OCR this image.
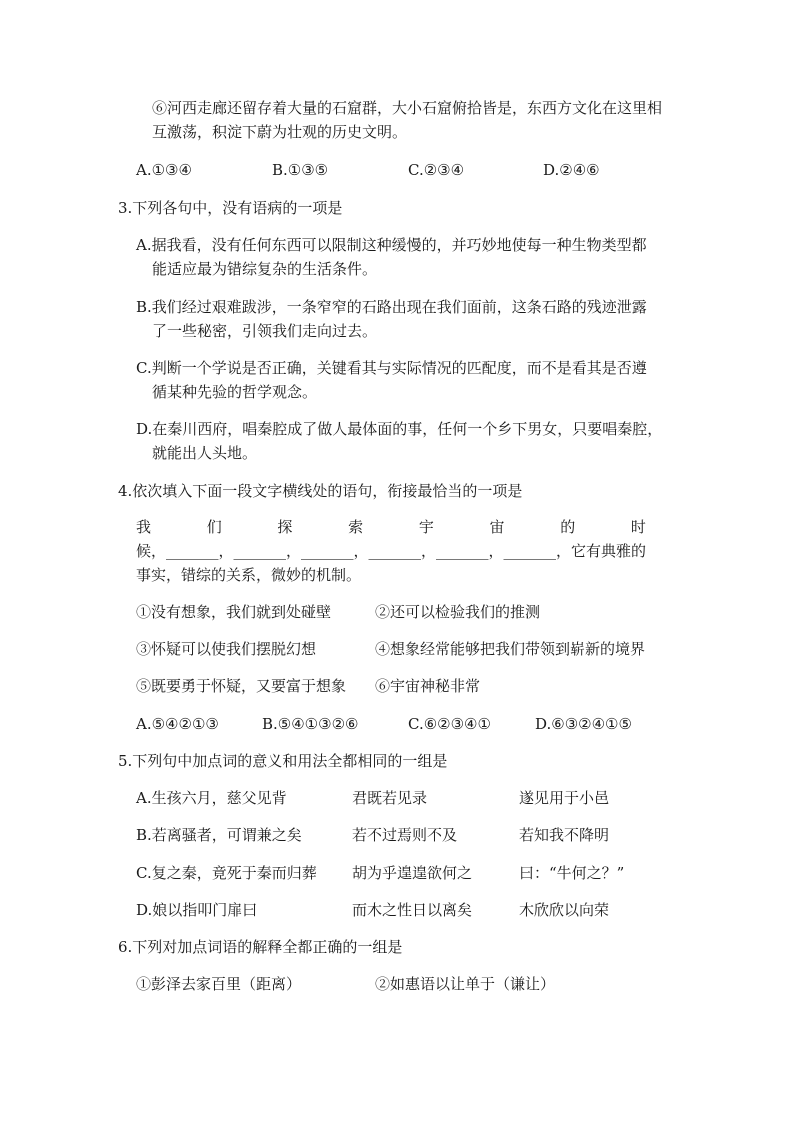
⑥河西走廊还留存着大量的石窟群，大小石窟俯拾皆是，东西方文化在这里相
互激荡，积淀下蔚为壮观的历史文明。
A.①③④	B.①③⑤	C.②③④	D.②④⑥
3.下列各句中，没有语病的一项是
A.据我看，没有任何东西可以限制这种缓慢的，并巧妙地使每一种生物类型都
能适应最为错综复杂的生活条件。
B.我们经过艰难跋涉，一条窄窄的石路出现在我们面前，这条石路的残迹泄露
了一些秘密，引领我们走向过去。
C.判断一个学说是否正确，关键看其与实际情况的匹配度，而不是看其是否遵
循某种先验的哲学观念。
D.在秦川西府，唱秦腔成了做人最体面的事，任何一个乡下男女，只要唱秦腔，
就能出人头地。
4.依次填入下面一段文字横线处的语句，衔接最恰当的一项是
我	们	探	索	宇	宙	的	时
候，_______，_______，_______，_______，_______，_______，它有典雅的
事实，错综的关系，微妙的机制。
①没有想象，我们就到处碰壁	②还可以检验我们的推测
③怀疑可以使我们摆脱幻想	④想象经常能够把我们带领到崭新的境界
⑤既要勇于怀疑，又要富于想象 ⑥宇宙神秘非常
A.⑤④②①③	B.⑤④①③②⑥	C.⑥②③④①	D.⑥③②④①⑤
5.下列句中加点词的意义和用法全都相同的一组是
A.生孩六月，慈父见背	君既若见录	遂见用于小邑
B.若离骚者，可谓兼之矣	若不过焉则不及	若知我不降明
C.复之秦，竟死于秦而归葬 胡为乎遑遑欲何之	曰：“牛何之？”
D.娘以指叩门扉曰	而木之性日以离矣	木欣欣以向荣
6.下列对加点词语的解释全都正确的一组是
①彭泽去家百里（距离）	②如惠语以让单于（谦让）
